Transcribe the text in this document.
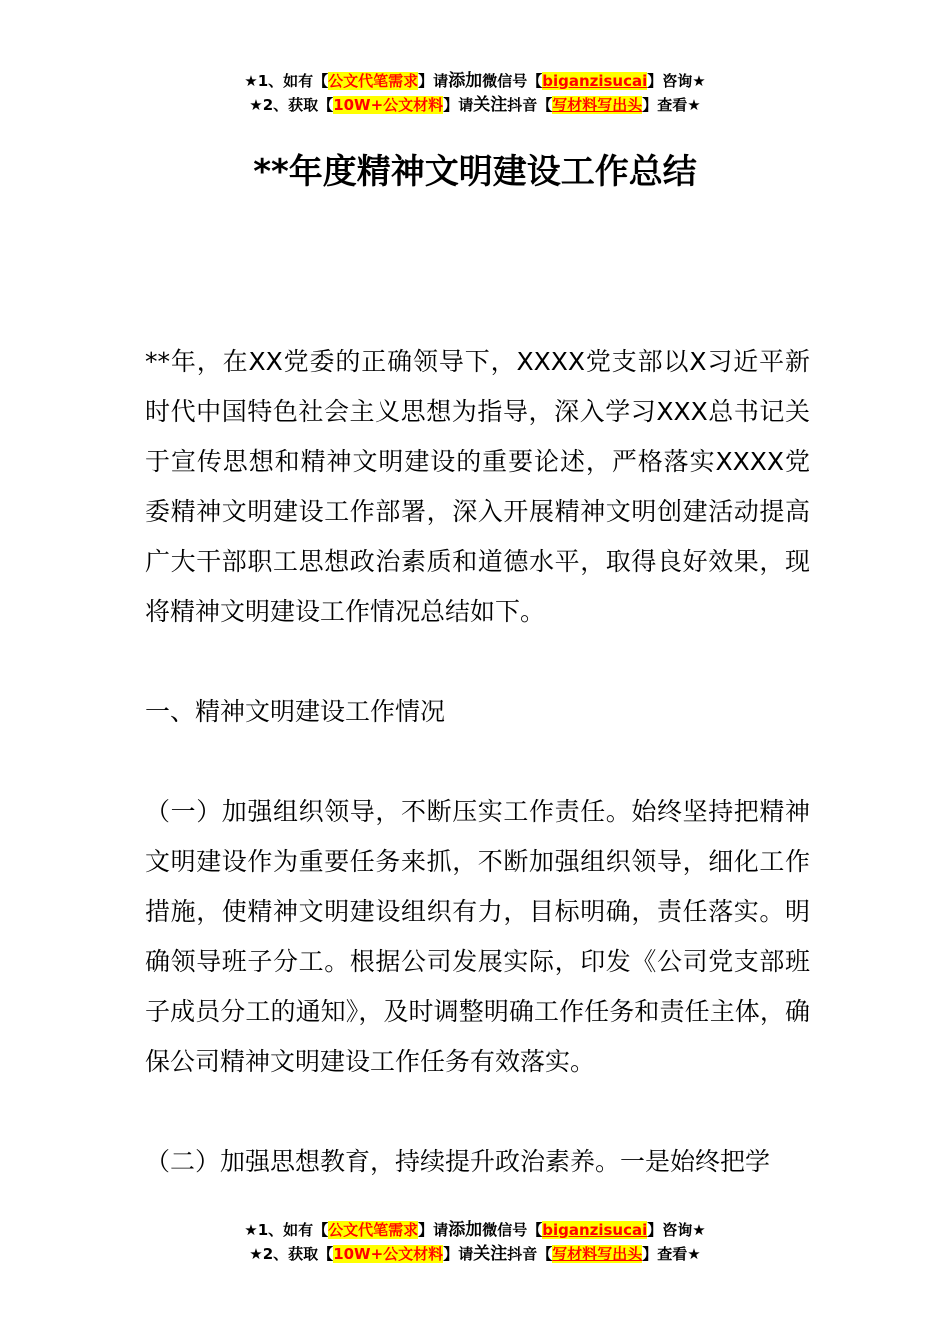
★1、如有【公文代笔需求】请添加微信号【biganzisucai】咨询★
★2、获取【10W+公文材料】请关注抖音【写材料写出头】查看★
**年度精神文明建设工作总结

**年，在XX党委的正确领导下，XXXX党支部以X习近平新时代中国特色社会主义思想为指导，深入学习XXX总书记关于宣传思想和精神文明建设的重要论述，严格落实XXXX党委精神文明建设工作部署，深入开展精神文明创建活动提高广大干部职工思想政治素质和道德水平，取得良好效果，现将精神文明建设工作情况总结如下。

一、精神文明建设工作情况

（一）加强组织领导，不断压实工作责任。始终坚持把精神文明建设作为重要任务来抓，不断加强组织领导，细化工作措施，使精神文明建设组织有力，目标明确，责任落实。明确领导班子分工。根据公司发展实际，印发《公司党支部班子成员分工的通知》，及时调整明确工作任务和责任主体，确保公司精神文明建设工作任务有效落实。

（二）加强思想教育，持续提升政治素养。一是始终把学

★1、如有【公文代笔需求】请添加微信号【biganzisucai】咨询★
★2、获取【10W+公文材料】请关注抖音【写材料写出头】查看★
